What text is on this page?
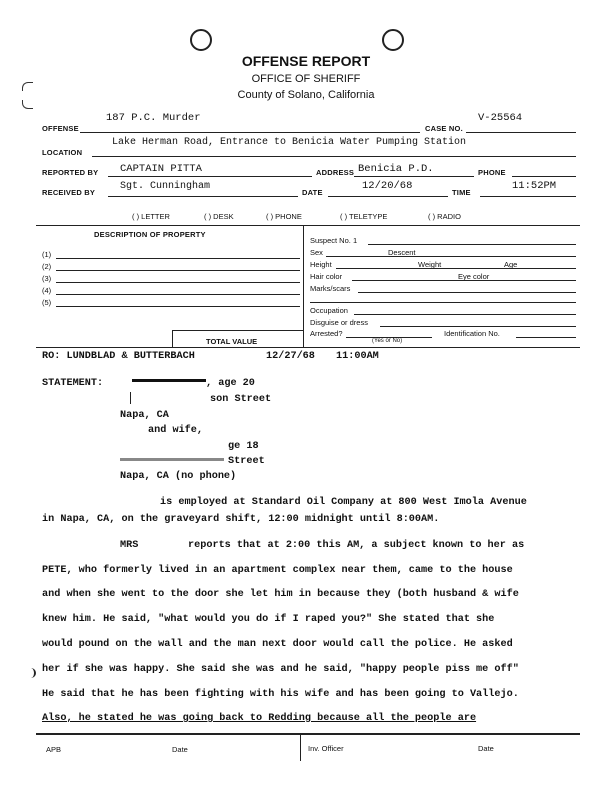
OFFENSE REPORT
OFFICE OF SHERIFF
County of Solano, California
OFFENSE
187 P.C. Murder
CASE NO.
V-25564
LOCATION
Lake Herman Road, Entrance to Benicia Water Pumping Station
REPORTED BY CAPTAIN PITTA	ADDRESS Benicia P.D.	PHONE
RECEIVED BY
Sgt. Cunningham
DATE
12/20/68
TIME
11:52PM
( ) LETTER	( ) DESK	( ) PHONE	( ) TELETYPE	( ) RADIO
DESCRIPTION OF PROPERTY
(1)
(2)
(3)
(4)
(5)
TOTAL VALUE
Suspect No. 1
Sex	Descent
Height	Weight	Age
Hair color	Eye color
Marks/scars
Occupation
Disguise or dress
Arrested?	Identification No.
(Yes or No)
RO: LUNDBLAD & BUTTERBACH	12/27/68 11:00AM
STATEMENT:	, age 20
son Street
Napa, CA
and wife,
ge 18
Street
Napa, CA (no phone)
is employed at Standard Oil Company at 800 West Imola Avenue
in Napa, CA, on the graveyard shift, 12:00 midnight until 8:00AM.
MRS	reports that at 2:00 this AM, a subject known to her as
PETE, who formerly lived in an apartment complex near them, came to the house
and when she went to the door she let him in because they (both husband & wife
knew him. He said, "what would you do if I raped you?" She stated that she
would pound on the wall and the man next door would call the police. He asked
her if she was happy. She said she was and he said, "happy people piss me off"
He said that he has been fighting with his wife and has been going to Vallejo.
Also, he stated he was going back to Redding because all the people are
APB	Date	Inv. Officer	Date
